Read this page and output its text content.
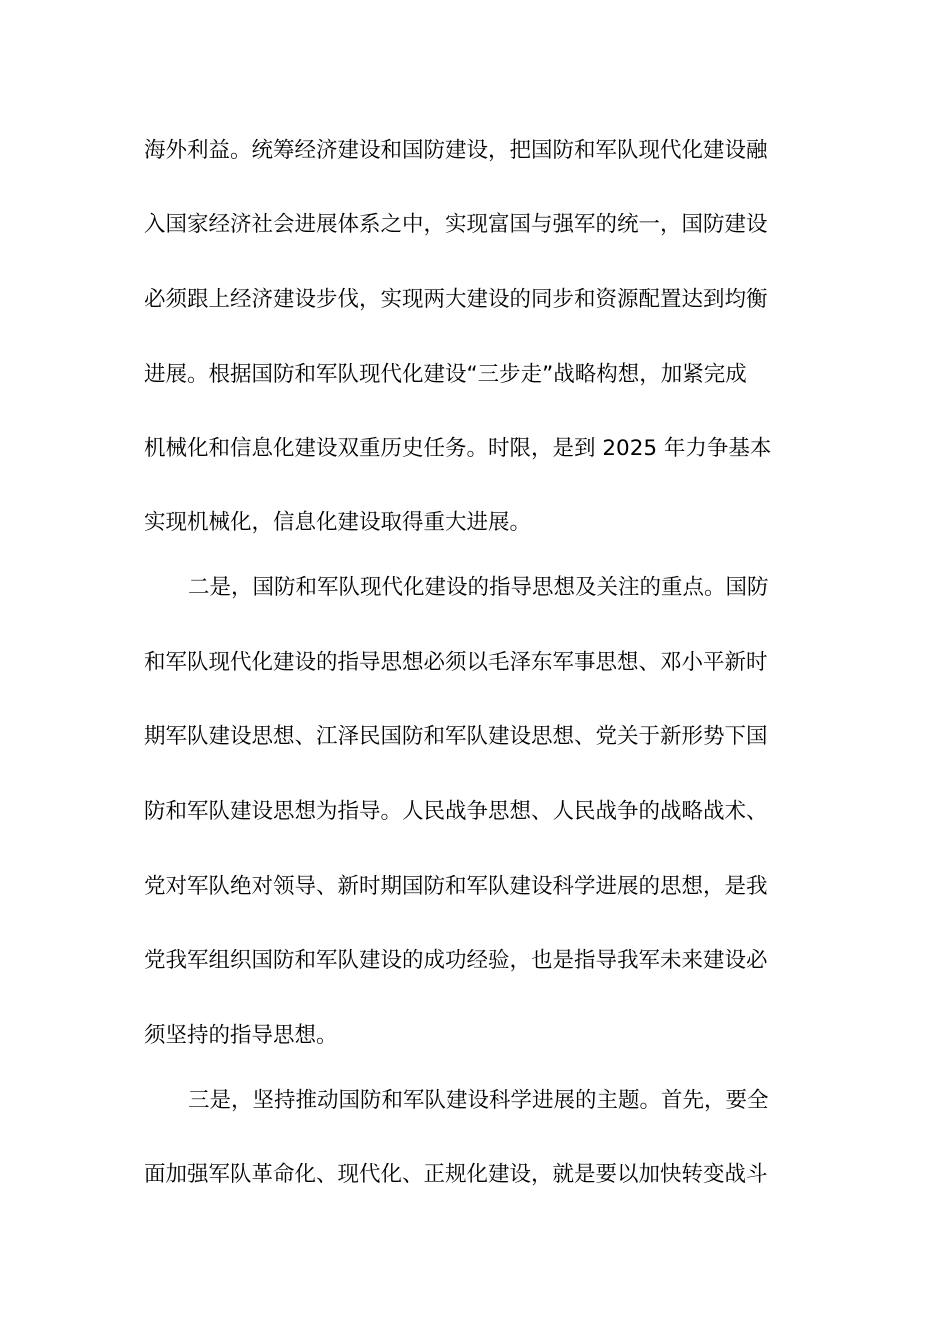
海外利益。统筹经济建设和国防建设，把国防和军队现代化建设融
入国家经济社会进展体系之中，实现富国与强军的统一，国防建设
必须跟上经济建设步伐，实现两大建设的同步和资源配置达到均衡
进展。根据国防和军队现代化建设“三步走”战略构想，加紧完成
机械化和信息化建设双重历史任务。时限，是到 2025 年力争基本
实现机械化，信息化建设取得重大进展。
二是，国防和军队现代化建设的指导思想及关注的重点。国防
和军队现代化建设的指导思想必须以毛泽东军事思想、邓小平新时
期军队建设思想、江泽民国防和军队建设思想、党关于新形势下国
防和军队建设思想为指导。人民战争思想、人民战争的战略战术、
党对军队绝对领导、新时期国防和军队建设科学进展的思想，是我
党我军组织国防和军队建设的成功经验，也是指导我军未来建设必
须坚持的指导思想。
三是，坚持推动国防和军队建设科学进展的主题。首先，要全
面加强军队革命化、现代化、正规化建设，就是要以加快转变战斗
